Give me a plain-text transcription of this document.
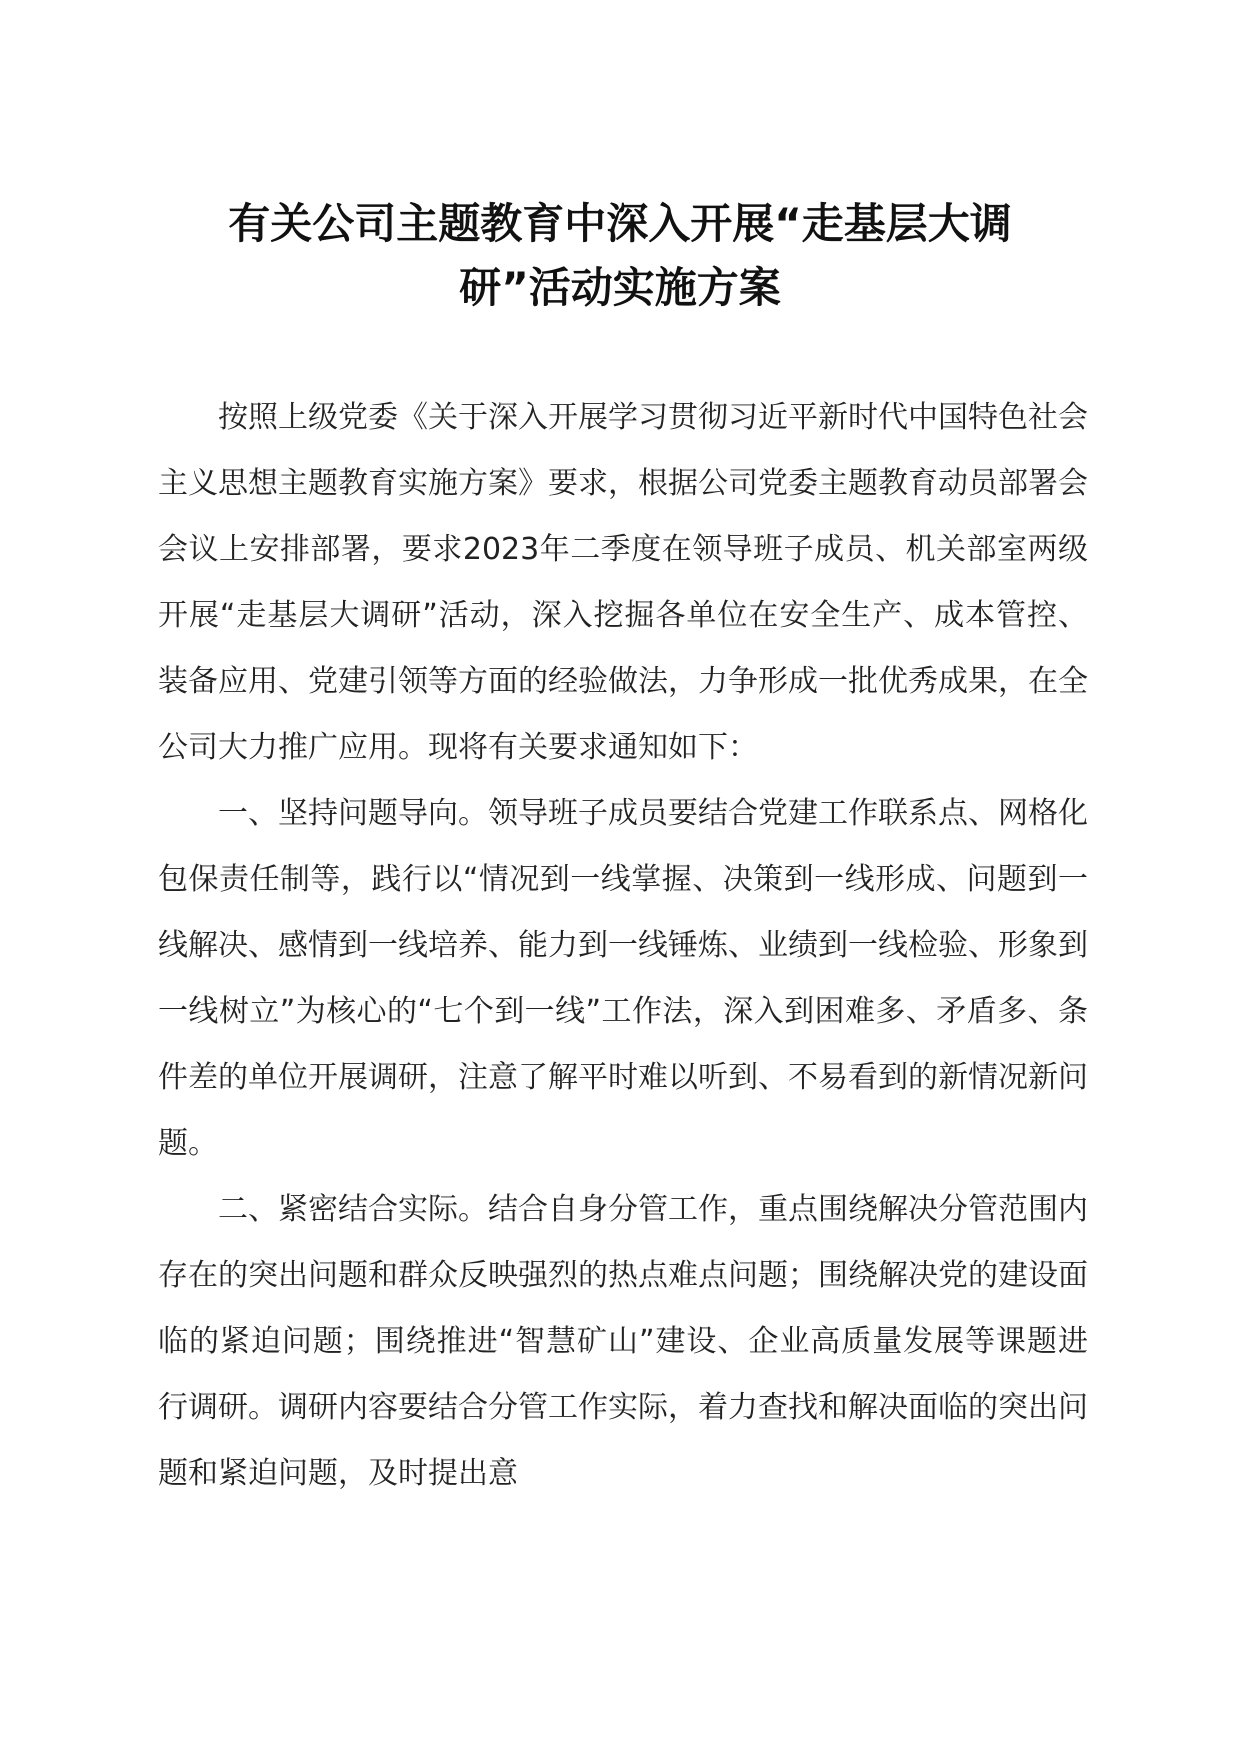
有关公司主题教育中深入开展“走基层大调
研”活动实施方案

按照上级党委《关于深入开展学习贯彻习近平新时代中国特色社会主义思想主题教育实施方案》要求，根据公司党委主题教育动员部署会会议上安排部署，要求2023年二季度在领导班子成员、机关部室两级开展“走基层大调研”活动，深入挖掘各单位在安全生产、成本管控、装备应用、党建引领等方面的经验做法，力争形成一批优秀成果，在全公司大力推广应用。现将有关要求通知如下：

一、坚持问题导向。领导班子成员要结合党建工作联系点、网格化包保责任制等，践行以“情况到一线掌握、决策到一线形成、问题到一线解决、感情到一线培养、能力到一线锤炼、业绩到一线检验、形象到一线树立”为核心的“七个到一线”工作法，深入到困难多、矛盾多、条件差的单位开展调研，注意了解平时难以听到、不易看到的新情况新问题。

二、紧密结合实际。结合自身分管工作，重点围绕解决分管范围内存在的突出问题和群众反映强烈的热点难点问题；围绕解决党的建设面临的紧迫问题；围绕推进“智慧矿山”建设、企业高质量发展等课题进行调研。调研内容要结合分管工作实际，着力查找和解决面临的突出问题和紧迫问题，及时提出意
